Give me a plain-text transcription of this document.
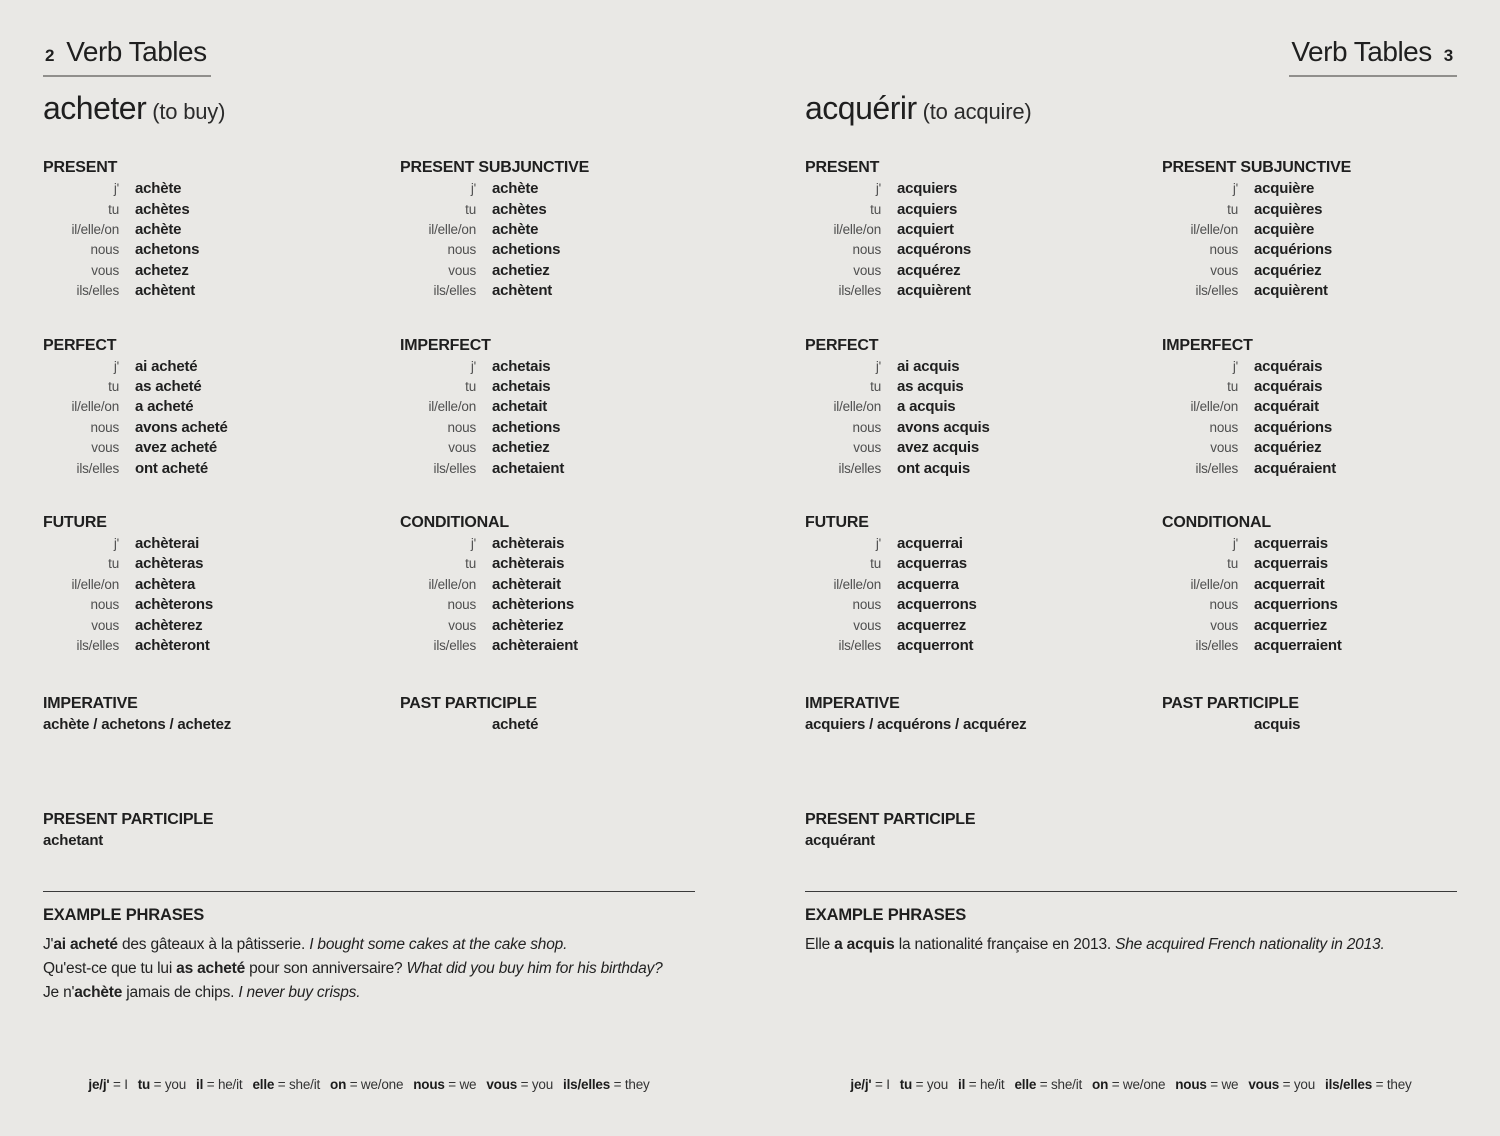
2 Verb Tables
acheter (to buy)
PRESENT
j' achète
tu achètes
il/elle/on achète
nous achetons
vous achetez
ils/elles achètent
PRESENT SUBJUNCTIVE
j' achète
tu achètes
il/elle/on achète
nous achetions
vous achetiez
ils/elles achètent
PERFECT
j' ai acheté
tu as acheté
il/elle/on a acheté
nous avons acheté
vous avez acheté
ils/elles ont acheté
IMPERFECT
j' achetais
tu achetais
il/elle/on achetait
nous achetions
vous achetiez
ils/elles achetaient
FUTURE
j' achèterai
tu achèteras
il/elle/on achètera
nous achèterons
vous achèterez
ils/elles achèteront
CONDITIONAL
j' achèterais
tu achèterais
il/elle/on achèterait
nous achèterions
vous achèteriez
ils/elles achèteraient
IMPERATIVE
achète / achetons / achetez
PAST PARTICIPLE
acheté
PRESENT PARTICIPLE
achetant
EXAMPLE PHRASES

J'ai acheté des gâteaux à la pâtisserie. I bought some cakes at the cake shop.

Qu'est-ce que tu lui as acheté pour son anniversaire? What did you buy him for his birthday?

Je n'achète jamais de chips. I never buy crisps.

je/j' = I tu = you il = he/it elle = she/it on = we/one nous = we vous = you ils/elles = they
3
Verb Tables
acquérir (to acquire)
PRESENT
j' acquiers
tu acquiers
il/elle/on acquiert
nous acquérons
vous acquérez
ils/elles acquièrent
PRESENT SUBJUNCTIVE
j' acquière
tu acquières
il/elle/on acquière
nous acquérions
vous acquériez
ils/elles acquièrent
PERFECT
j' ai acquis
tu as acquis
il/elle/on a acquis
nous avons acquis
vous avez acquis
ils/elles ont acquis
IMPERFECT
j' acquérais
tu acquérais
il/elle/on acquérait
nous acquérions
vous acquériez
ils/elles acquéraient
FUTURE
j' acquerrai
tu acquerras
il/elle/on acquerra
nous acquerrons
vous acquerrez
ils/elles acquerront
CONDITIONAL
j' acquerrais
tu acquerrais
il/elle/on acquerrait
nous acquerrions
vous acquerriez
ils/elles acquerraient
IMPERATIVE
acquiers / acquérons / acquérez
PAST PARTICIPLE
acquis
PRESENT PARTICIPLE
acquérant
EXAMPLE PHRASES

Elle a acquis la nationalité française en 2013. She acquired French nationality in 2013.

je/j' = I tu = you il = he/it elle = she/it on = we/one nous = we vous = you ils/elles = they
